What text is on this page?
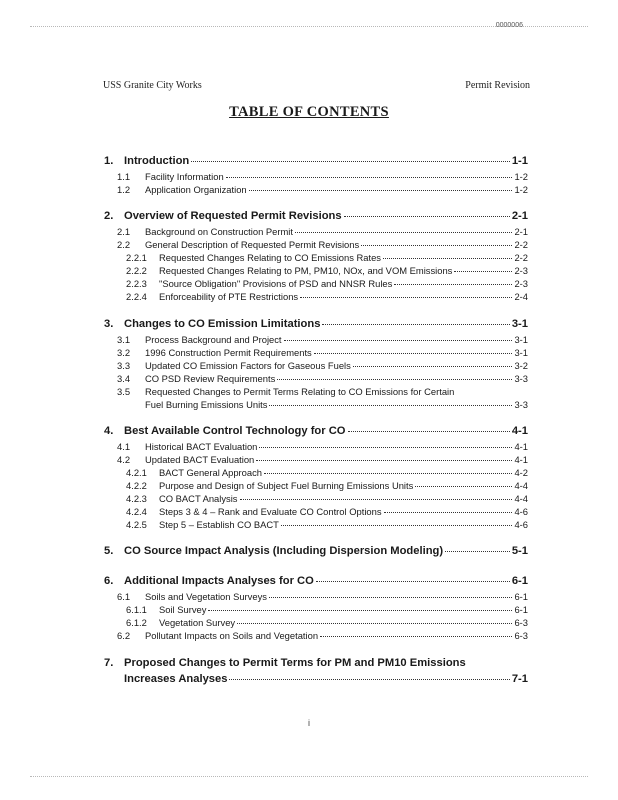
0000006
USS Granite City Works	Permit Revision
TABLE OF CONTENTS
1. Introduction	1-1
1.1 Facility Information	1-2
1.2 Application Organization	1-2
2. Overview of Requested Permit Revisions	2-1
2.1 Background on Construction Permit	2-1
2.2 General Description of Requested Permit Revisions	2-2
2.2.1 Requested Changes Relating to CO Emissions Rates	2-2
2.2.2 Requested Changes Relating to PM, PM10, NOx, and VOM Emissions	2-3
2.2.3 "Source Obligation" Provisions of PSD and NNSR Rules	2-3
2.2.4 Enforceability of PTE Restrictions	2-4
3. Changes to CO Emission Limitations	3-1
3.1 Process Background and Project	3-1
3.2 1996 Construction Permit Requirements	3-1
3.3 Updated CO Emission Factors for Gaseous Fuels	3-2
3.4 CO PSD Review Requirements	3-3
3.5 Requested Changes to Permit Terms Relating to CO Emissions for Certain
Fuel Burning Emissions Units	3-3
4. Best Available Control Technology for CO	4-1
4.1 Historical BACT Evaluation	4-1
4.2 Updated BACT Evaluation	4-1
4.2.1 BACT General Approach	4-2
4.2.2 Purpose and Design of Subject Fuel Burning Emissions Units	4-4
4.2.3 CO BACT Analysis	4-4
4.2.4 Steps 3 & 4 – Rank and Evaluate CO Control Options	4-6
4.2.5 Step 5 – Establish CO BACT	4-6
5. CO Source Impact Analysis (Including Dispersion Modeling)	5-1
6. Additional Impacts Analyses for CO	6-1
6.1 Soils and Vegetation Surveys	6-1
6.1.1 Soil Survey	6-1
6.1.2 Vegetation Survey	6-3
6.2 Pollutant Impacts on Soils and Vegetation	6-3
7. Proposed Changes to Permit Terms for PM and PM10 Emissions
Increases Analyses	7-1
i
